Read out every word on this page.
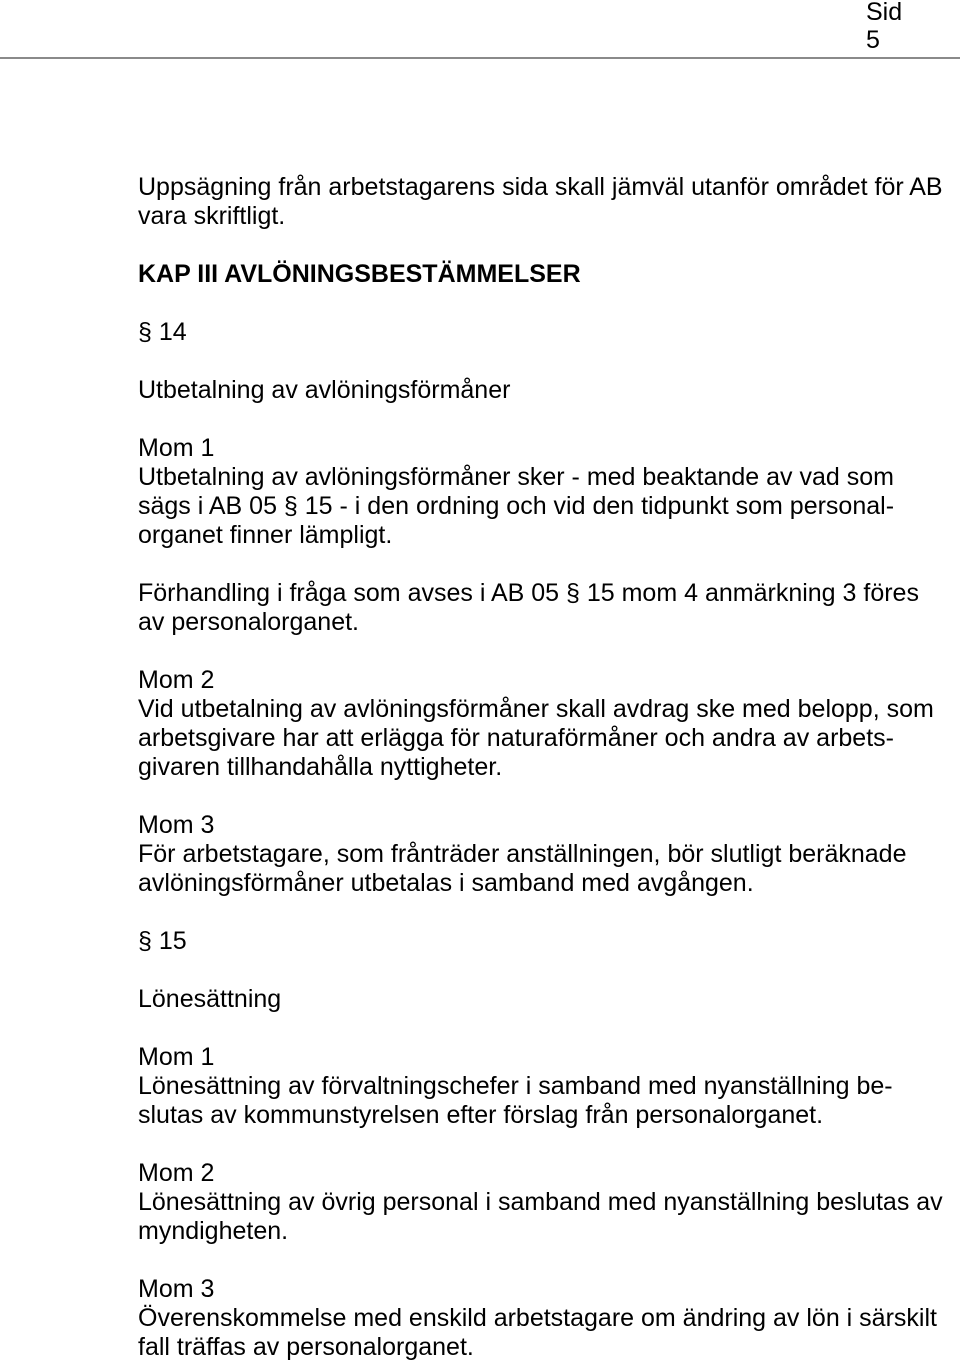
Sid
5

Uppsägning från arbetstagarens sida skall jämväl utanför området för AB
vara skriftligt.

KAP III AVLÖNINGSBESTÄMMELSER
§ 14
Utbetalning av avlöningsförmåner
Mom 1

Utbetalning av avlöningsförmåner sker - med beaktande av vad som
sägs i AB 05 § 15 - i den ordning och vid den tidpunkt som personal-
organet finner lämpligt.

Förhandling i fråga som avses i AB 05 § 15 mom 4 anmärkning 3 föres
av personalorganet.

Mom 2

Vid utbetalning av avlöningsförmåner skall avdrag ske med belopp, som
arbetsgivare har att erlägga för naturaförmåner och andra av arbets-
givaren tillhandahålla nyttigheter.

Mom 3

För arbetstagare, som frånträder anställningen, bör slutligt beräknade
avlöningsförmåner utbetalas i samband med avgången.

§ 15
Lönesättning
Mom 1

Lönesättning av förvaltningschefer i samband med nyanställning be-
slutas av kommunstyrelsen efter förslag från personalorganet.

Mom 2

Lönesättning av övrig personal i samband med nyanställning beslutas av
myndigheten.

Mom 3

Överenskommelse med enskild arbetstagare om ändring av lön i särskilt
fall träffas av personalorganet.
